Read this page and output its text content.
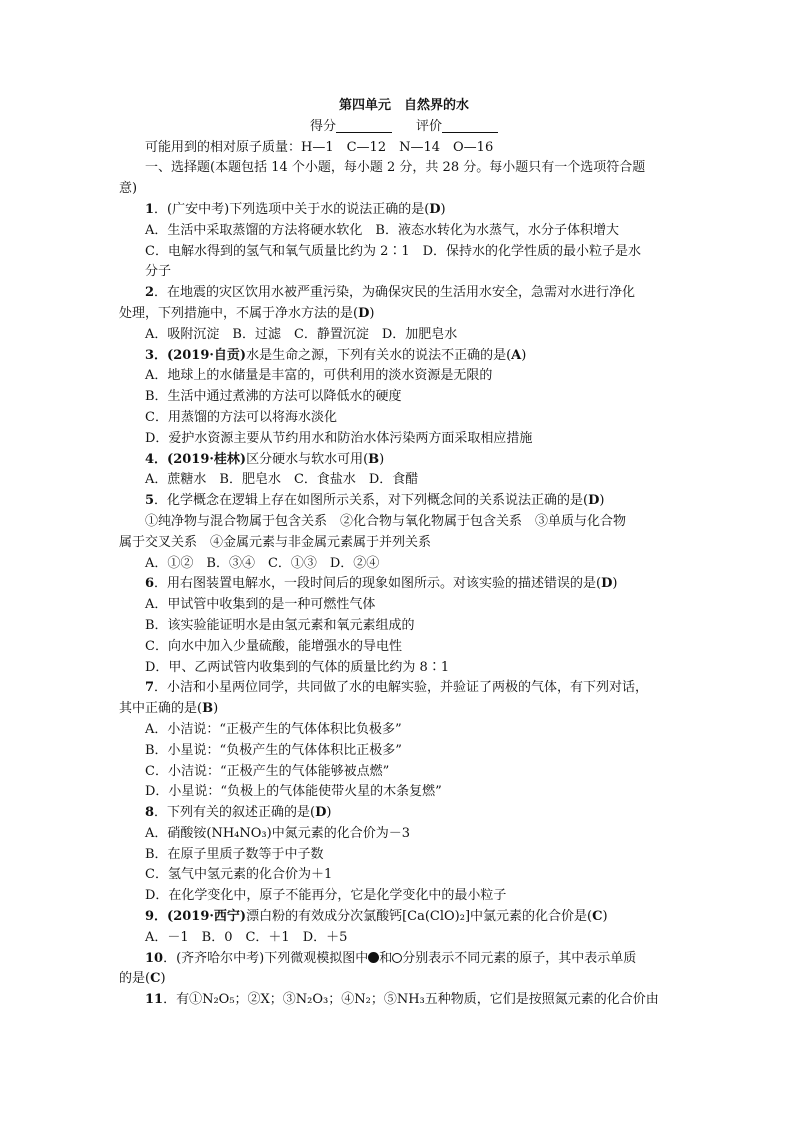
第四单元　自然界的水

得分	评价

可能用到的相对原子质量：H—1　C—12　N—14　O—16

一、选择题(本题包括 14 个小题，每小题 2 分，共 28 分。每小题只有一个选项符合题

意)

1．(广安中考)下列选项中关于水的说法正确的是(D)

A．生活中采取蒸馏的方法将硬水软化　B．液态水转化为水蒸气，水分子体积增大

C．电解水得到的氢气和氧气质量比约为 2∶1　D．保持水的化学性质的最小粒子是水

分子

2．在地震的灾区饮用水被严重污染，为确保灾民的生活用水安全，急需对水进行净化

处理，下列措施中，不属于净水方法的是(D)

A．吸附沉淀　B．过滤　C．静置沉淀　D．加肥皂水

3．(2019·自贡)水是生命之源，下列有关水的说法不正确的是(A)

A．地球上的水储量是丰富的，可供利用的淡水资源是无限的

B．生活中通过煮沸的方法可以降低水的硬度

C．用蒸馏的方法可以将海水淡化

D．爱护水资源主要从节约用水和防治水体污染两方面采取相应措施

4．(2019·桂林)区分硬水与软水可用(B)

A．蔗糖水　B．肥皂水　C．食盐水　D．食醋

5．化学概念在逻辑上存在如图所示关系，对下列概念间的关系说法正确的是(D)

①纯净物与混合物属于包含关系　②化合物与氧化物属于包含关系　③单质与化合物

属于交叉关系　④金属元素与非金属元素属于并列关系

A．①②　B．③④　C．①③　D．②④

6．用右图装置电解水，一段时间后的现象如图所示。对该实验的描述错误的是(D)

A．甲试管中收集到的是一种可燃性气体

B．该实验能证明水是由氢元素和氧元素组成的

C．向水中加入少量硫酸，能增强水的导电性

D．甲、乙两试管内收集到的气体的质量比约为 8∶1

7．小洁和小星两位同学，共同做了水的电解实验，并验证了两极的气体，有下列对话，

其中正确的是(B)

A．小洁说：“正极产生的气体体积比负极多”

B．小星说：“负极产生的气体体积比正极多”

C．小洁说：“正极产生的气体能够被点燃”

D．小星说：“负极上的气体能使带火星的木条复燃”

8．下列有关的叙述正确的是(D)

A．硝酸铵(NH₄NO₃)中氮元素的化合价为－3

B．在原子里质子数等于中子数

C．氢气中氢元素的化合价为＋1

D．在化学变化中，原子不能再分，它是化学变化中的最小粒子

9．(2019·西宁)漂白粉的有效成分次氯酸钙[Ca(ClO)₂]中氯元素的化合价是(C)

A．－1　B．0　C．＋1　D．＋5

10．(齐齐哈尔中考)下列微观模拟图中 和 分别表示不同元素的原子，其中表示单质

的是(C)

11．有①N₂O₅；②X；③N₂O₃；④N₂；⑤NH₃五种物质，它们是按照氮元素的化合价由
